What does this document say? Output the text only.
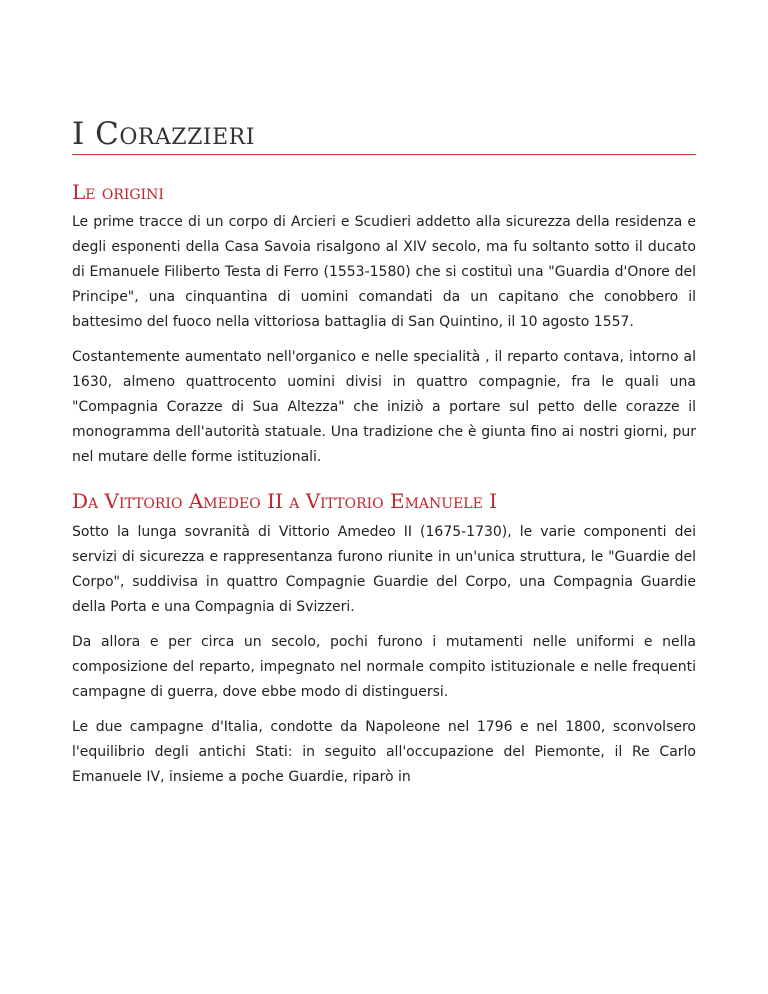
I Corazzieri
Le origini

Le prime tracce di un corpo di Arcieri e Scudieri addetto alla sicurezza della residenza e degli esponenti della Casa Savoia risalgono al XIV secolo, ma fu soltanto sotto il ducato di Emanuele Filiberto Testa di Ferro (1553-1580) che si costituì una "Guardia d'Onore del Principe", una cinquantina di uomini comandati da un capitano che conobbero il battesimo del fuoco nella vittoriosa battaglia di San Quintino, il 10 agosto 1557.

Costantemente aumentato nell'organico e nelle specialità , il reparto contava, intorno al 1630, almeno quattrocento uomini divisi in quattro compagnie, fra le quali una "Compagnia Corazze di Sua Altezza" che iniziò a portare sul petto delle corazze il monogramma dell'autorità statuale. Una tradizione che è giunta fino ai nostri giorni, pur nel mutare delle forme istituzionali.

Da Vittorio Amedeo II a Vittorio Emanuele I

Sotto la lunga sovranità di Vittorio Amedeo II (1675-1730), le varie componenti dei servizi di sicurezza e rappresentanza furono riunite in un'unica struttura, le "Guardie del Corpo", suddivisa in quattro Compagnie Guardie del Corpo, una Compagnia Guardie della Porta e una Compagnia di Svizzeri.

Da allora e per circa un secolo, pochi furono i mutamenti nelle uniformi e nella composizione del reparto, impegnato nel normale compito istituzionale e nelle frequenti campagne di guerra, dove ebbe modo di distinguersi.

Le due campagne d'Italia, condotte da Napoleone nel 1796 e nel 1800, sconvolsero l'equilibrio degli antichi Stati: in seguito all'occupazione del Piemonte, il Re Carlo Emanuele IV, insieme a poche Guardie, riparò in
